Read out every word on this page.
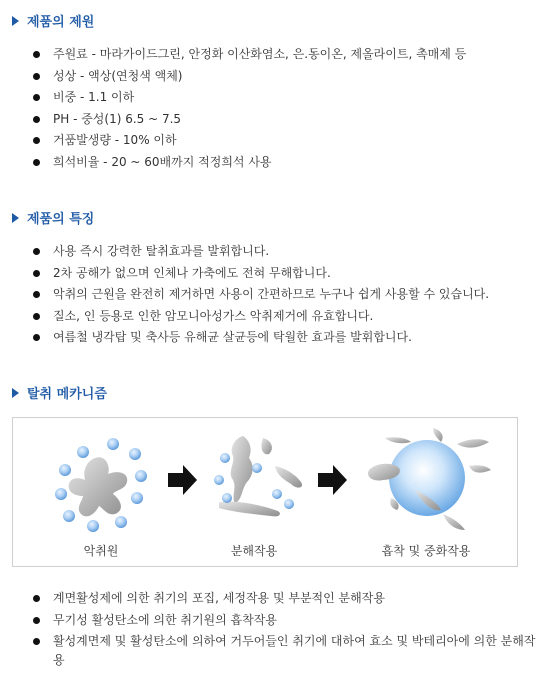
제품의 제원
주원료 - 마라가이드그린, 안정화 이산화염소, 은.동이온, 제올라이트, 촉매제 등
성상 - 액상(연청색 액체)
비중 - 1.1 이하
PH - 중성(1) 6.5 ~ 7.5
거품발생량 - 10% 이하
희석비율 - 20 ~ 60배까지 적정희석 사용
제품의 특징
사용 즉시 강력한 탈취효과를 발휘합니다.
2차 공해가 없으며 인체나 가축에도 전혀 무해합니다.
악취의 근원을 완전히 제거하면 사용이 간편하므로 누구나 쉽게 사용할 수 있습니다.
질소, 인 등용로 인한 암모니아성가스 악취제거에 유효합니다.
여름철 냉각탑 및 축사등 유해균 살균등에 탁월한 효과를 발휘합니다.
탈취 메카니즘
악취원	분해작용	흡착 및 중화작용
계면활성제에 의한 취기의 포집, 세정작용 및 부분적인 분해작용
무기성 활성탄소에 의한 취기원의 흡착작용
활성계면제 및 활성탄소에 의하여 거두어들인 취기에 대하여 효소 및 박테리아에 의한 분해작용
